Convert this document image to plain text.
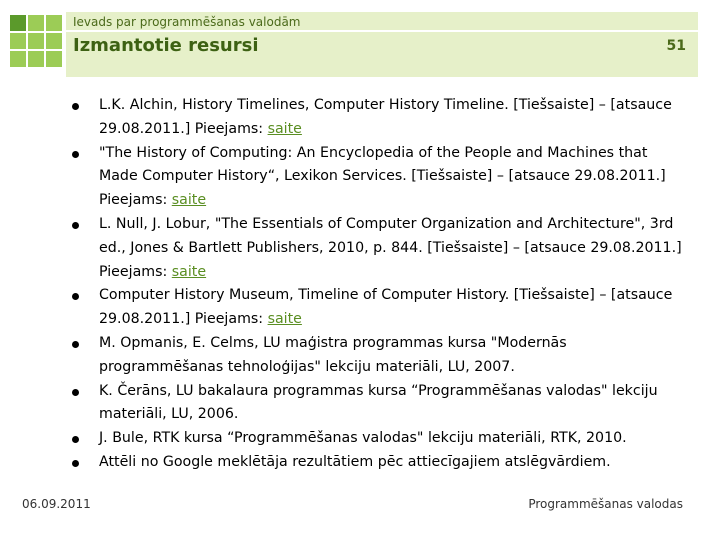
Ievads par programmēšanas valodām
Izmantotie resursi	51
L.K. Alchin, History Timelines, Computer History Timeline. [Tiešsaiste] – [atsauce 29.08.2011.] Pieejams: saite
"The History of Computing: An Encyclopedia of the People and Machines that Made Computer History“, Lexikon Services. [Tiešsaiste] – [atsauce 29.08.2011.] Pieejams: saite
L. Null, J. Lobur, "The Essentials of Computer Organization and Architecture", 3rd ed., Jones & Bartlett Publishers, 2010, p. 844. [Tiešsaiste] – [atsauce 29.08.2011.] Pieejams: saite
Computer History Museum, Timeline of Computer History. [Tiešsaiste] – [atsauce 29.08.2011.] Pieejams: saite
M. Opmanis, E. Celms, LU maģistra programmas kursa "Modernās programmēšanas tehnoloģijas" lekciju materiāli, LU, 2007.
K. Čerāns, LU bakalaura programmas kursa “Programmēšanas valodas" lekciju materiāli, LU, 2006.
J. Bule, RTK kursa “Programmēšanas valodas" lekciju materiāli, RTK, 2010.
Attēli no Google meklētāja rezultātiem pēc attiecīgajiem atslēgvārdiem.
06.09.2011	Programmēšanas valodas
